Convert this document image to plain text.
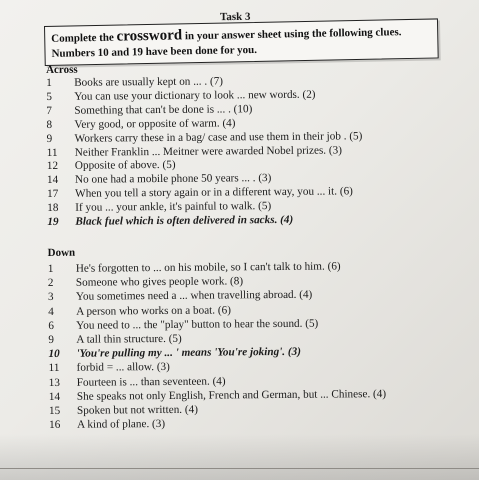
Task 3
Complete the crossword in your answer sheet using the following clues.
Numbers 10 and 19 have been done for you.
Across
1	Books are usually kept on ... . (7)
5	You can use your dictionary to look ... new words. (2)
7	Something that can't be done is ... . (10)
8	Very good, or opposite of warm. (4)
9	Workers carry these in a bag/ case and use them in their job . (5)
11	Neither Franklin ... Meitner were awarded Nobel prizes. (3)
12	Opposite of above. (5)
14	No one had a mobile phone 50 years ... . (3)
17	When you tell a story again or in a different way, you ... it. (6)
18	If you ... your ankle, it's painful to walk. (5)
19	Black fuel which is often delivered in sacks. (4)
Down
1	He's forgotten to ... on his mobile, so I can't talk to him. (6)
2	Someone who gives people work. (8)
3	You sometimes need a ... when travelling abroad. (4)
4	A person who works on a boat. (6)
6	You need to ... the "play" button to hear the sound. (5)
9	A tall thin structure. (5)
10	'You're pulling my ... ' means 'You're joking'. (3)
11	forbid = ... allow. (3)
13	Fourteen is ... than seventeen. (4)
14	She speaks not only English, French and German, but ... Chinese. (4)
15	Spoken but not written. (4)
16	A kind of plane. (3)
